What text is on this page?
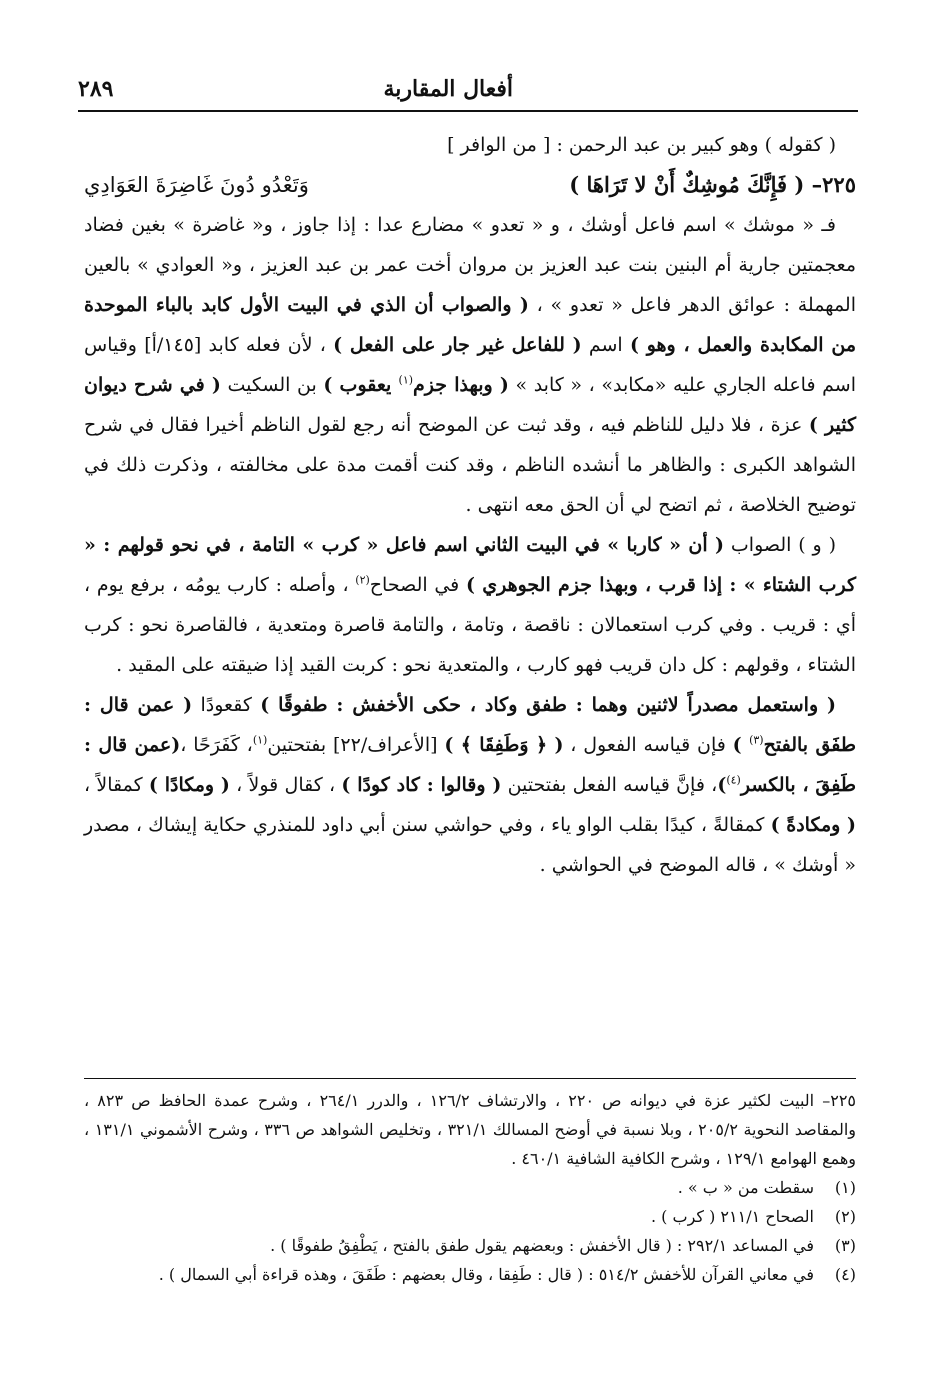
أفعال المقاربة
٢٨٩

( كقوله ) وهو كبير بن عبد الرحمن : [ من الوافر ]

٢٢٥– ( فَإِنَّكَ مُوشِكٌ أَنْ لا تَرَاهَا )
وَتَعْدُو دُونَ غَاضِرَةَ العَوَادِي

فـ « موشك » اسم فاعل أوشك ، و « تعدو » مضارع عدا : إذا جاوز ، و« غاضرة » بغين فضاد معجمتين جارية أم البنين بنت عبد العزيز بن مروان أخت عمر بن عبد العزيز ، و« العوادي » بالعين المهملة : عوائق الدهر فاعل « تعدو » ، ( والصواب أن الذي في البيت الأول كابد بالباء الموحدة من المكابدة والعمل ، وهو ) اسم ( للفاعل غير جار على الفعل ) ، لأن فعله كابد [١٤٥/أ] وقياس اسم فاعله الجاري عليه «مكابد» ، « كابد » ( وبهذا جزم$^{(١)}$ يعقوب ) بن السكيت ( في شرح ديوان كثير ) عزة ، فلا دليل للناظم فيه ، وقد ثبت عن الموضح أنه رجع لقول الناظم أخيرا فقال في شرح الشواهد الكبرى : والظاهر ما أنشده الناظم ، وقد كنت أقمت مدة على مخالفته ، وذكرت ذلك في توضيح الخلاصة ، ثم اتضح لي أن الحق معه انتهى .

( و ) الصواب ( أن « كاربا » في البيت الثاني اسم فاعل « كرب » التامة ، في نحو قولهم : « كرب الشتاء » : إذا قرب ، وبهذا جزم الجوهري ) في الصحاح$^{(٢)}$ ، وأصله : كارب يومُه ، برفع يوم ، أي : قريب . وفي كرب استعمالان : ناقصة ، وتامة ، والتامة قاصرة ومتعدية ، فالقاصرة نحو : كرب الشتاء ، وقولهم : كل دان قريب فهو كارب ، والمتعدية نحو : كربت القيد إذا ضيقته على المقيد .

( واستعمل مصدراً لاثنين وهما : طفق وكاد ، حكى الأخفش : طفوقًا ) كقعودًا ( عمن قال : طفَق بالفتح$^{(٣)}$ ) فإن قياسه الفعول ، ( ﴿ وَطَفِقَا ﴾ ) [الأعراف/٢٢] بفتحتين$^{(١)}$، كَفَرَحًا ،(عمن قال : طَفِقَ ، بالكسر$^{(٤)}$)، فإنَّ قياسه الفعل بفتحتين ( وقالوا : كاد كودًا ) ، كقال قولاً ، ( ومكادًا ) كمقالاً ، ( ومكادةً ) كمقالةً ، كيدًا بقلب الواو ياء ، وفي حواشي سنن أبي داود للمنذري حكاية إيشاك ، مصدر « أوشك » ، قاله الموضح في الحواشي .

٢٢٥– البيت لكثير عزة في ديوانه ص ٢٢٠ ، والارتشاف ١٢٦/٢ ، والدرر ٢٦٤/١ ، وشرح عمدة الحافظ ص ٨٢٣ ، والمقاصد النحوية ٢٠٥/٢ ، وبلا نسبة في أوضح المسالك ٣٢١/١ ، وتخليص الشواهد ص ٣٣٦ ، وشرح الأشموني ١٣١/١ ، وهمع الهوامع ١٢٩/١ ، وشرح الكافية الشافية ٤٦٠/١ .

(١)
سقطت من « ب » .
(٢)
الصحاح ٢١١/١ ( كرب ) .
(٣)
في المساعد ٢٩٢/١ : ( قال الأخفش : وبعضهم يقول طفق بالفتح ، يَطْفِقُ طفوقًا ) .
(٤)
في معاني القرآن للأخفش ٥١٤/٢ : ( قال : طَفِقا ، وقال بعضهم : طَفَقَ ، وهذه قراءة أبي السمال ) .
